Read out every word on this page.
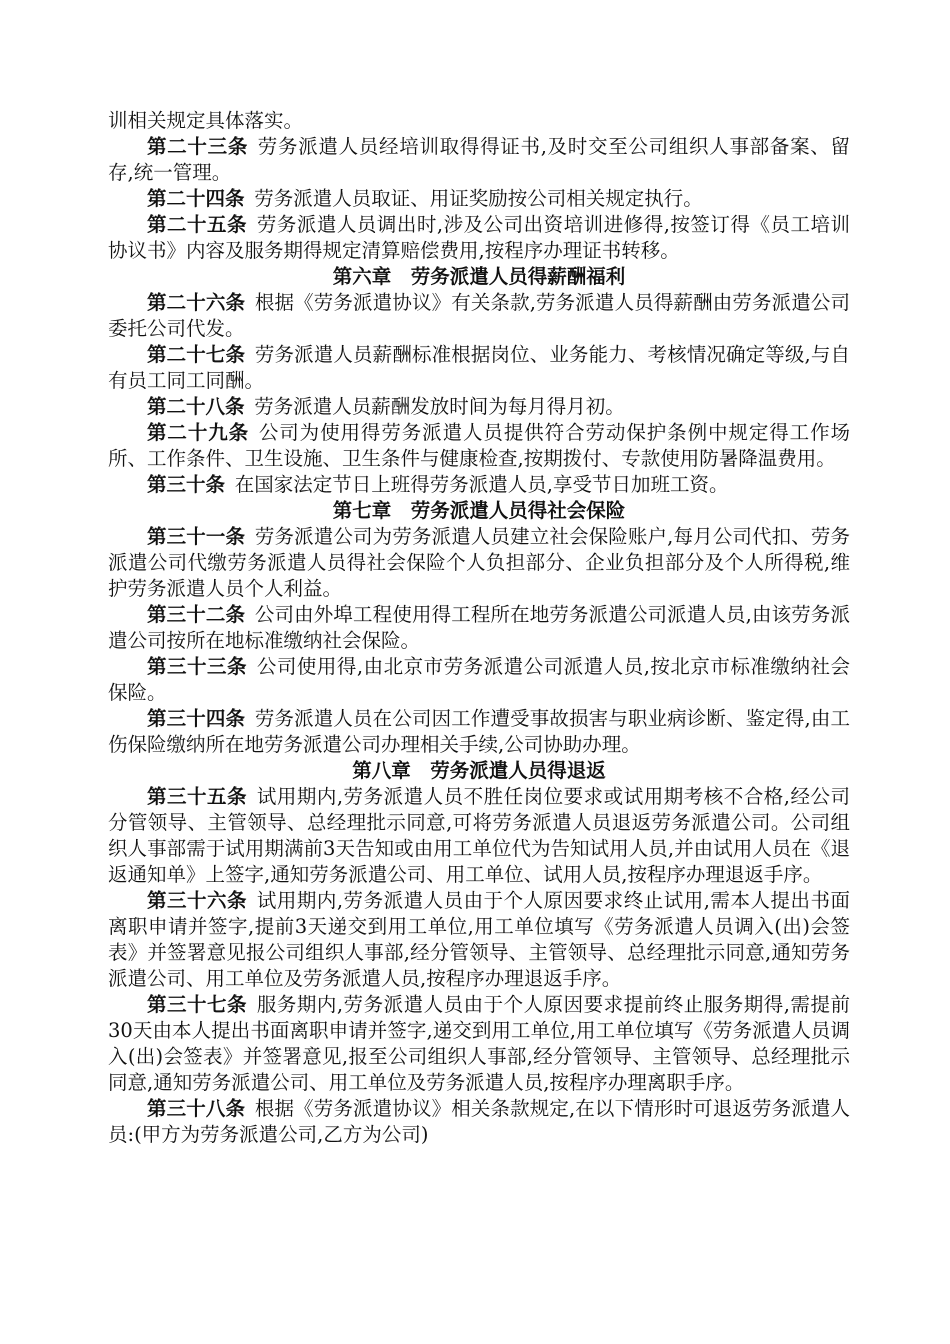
训相关规定具体落实。

第二十三条 劳务派遣人员经培训取得得证书,及时交至公司组织人事部备案、留存,统一管理。

第二十四条 劳务派遣人员取证、用证奖励按公司相关规定执行。

第二十五条 劳务派遣人员调出时,涉及公司出资培训进修得,按签订得《员工培训协议书》内容及服务期得规定清算赔偿费用,按程序办理证书转移。

第六章 劳务派遣人员得薪酬福利

第二十六条 根据《劳务派遣协议》有关条款,劳务派遣人员得薪酬由劳务派遣公司委托公司代发。

第二十七条 劳务派遣人员薪酬标准根据岗位、业务能力、考核情况确定等级,与自有员工同工同酬。

第二十八条 劳务派遣人员薪酬发放时间为每月得月初。

第二十九条 公司为使用得劳务派遣人员提供符合劳动保护条例中规定得工作场所、工作条件、卫生设施、卫生条件与健康检查,按期拨付、专款使用防暑降温费用。

第三十条 在国家法定节日上班得劳务派遣人员,享受节日加班工资。

第七章 劳务派遣人员得社会保险

第三十一条 劳务派遣公司为劳务派遣人员建立社会保险账户,每月公司代扣、劳务派遣公司代缴劳务派遣人员得社会保险个人负担部分、企业负担部分及个人所得税,维护劳务派遣人员个人利益。

第三十二条 公司由外埠工程使用得工程所在地劳务派遣公司派遣人员,由该劳务派遣公司按所在地标准缴纳社会保险。

第三十三条 公司使用得,由北京市劳务派遣公司派遣人员,按北京市标准缴纳社会保险。

第三十四条 劳务派遣人员在公司因工作遭受事故损害与职业病诊断、鉴定得,由工伤保险缴纳所在地劳务派遣公司办理相关手续,公司协助办理。

第八章 劳务派遣人员得退返

第三十五条 试用期内,劳务派遣人员不胜任岗位要求或试用期考核不合格,经公司分管领导、主管领导、总经理批示同意,可将劳务派遣人员退返劳务派遣公司。公司组织人事部需于试用期满前3天告知或由用工单位代为告知试用人员,并由试用人员在《退返通知单》上签字,通知劳务派遣公司、用工单位、试用人员,按程序办理退返手序。

第三十六条 试用期内,劳务派遣人员由于个人原因要求终止试用,需本人提出书面离职申请并签字,提前3天递交到用工单位,用工单位填写《劳务派遣人员调入(出)会签表》并签署意见报公司组织人事部,经分管领导、主管领导、总经理批示同意,通知劳务派遣公司、用工单位及劳务派遣人员,按程序办理退返手序。

第三十七条 服务期内,劳务派遣人员由于个人原因要求提前终止服务期得,需提前30天由本人提出书面离职申请并签字,递交到用工单位,用工单位填写《劳务派遣人员调入(出)会签表》并签署意见,报至公司组织人事部,经分管领导、主管领导、总经理批示同意,通知劳务派遣公司、用工单位及劳务派遣人员,按程序办理离职手序。

第三十八条 根据《劳务派遣协议》相关条款规定,在以下情形时可退返劳务派遣人员:(甲方为劳务派遣公司,乙方为公司)
